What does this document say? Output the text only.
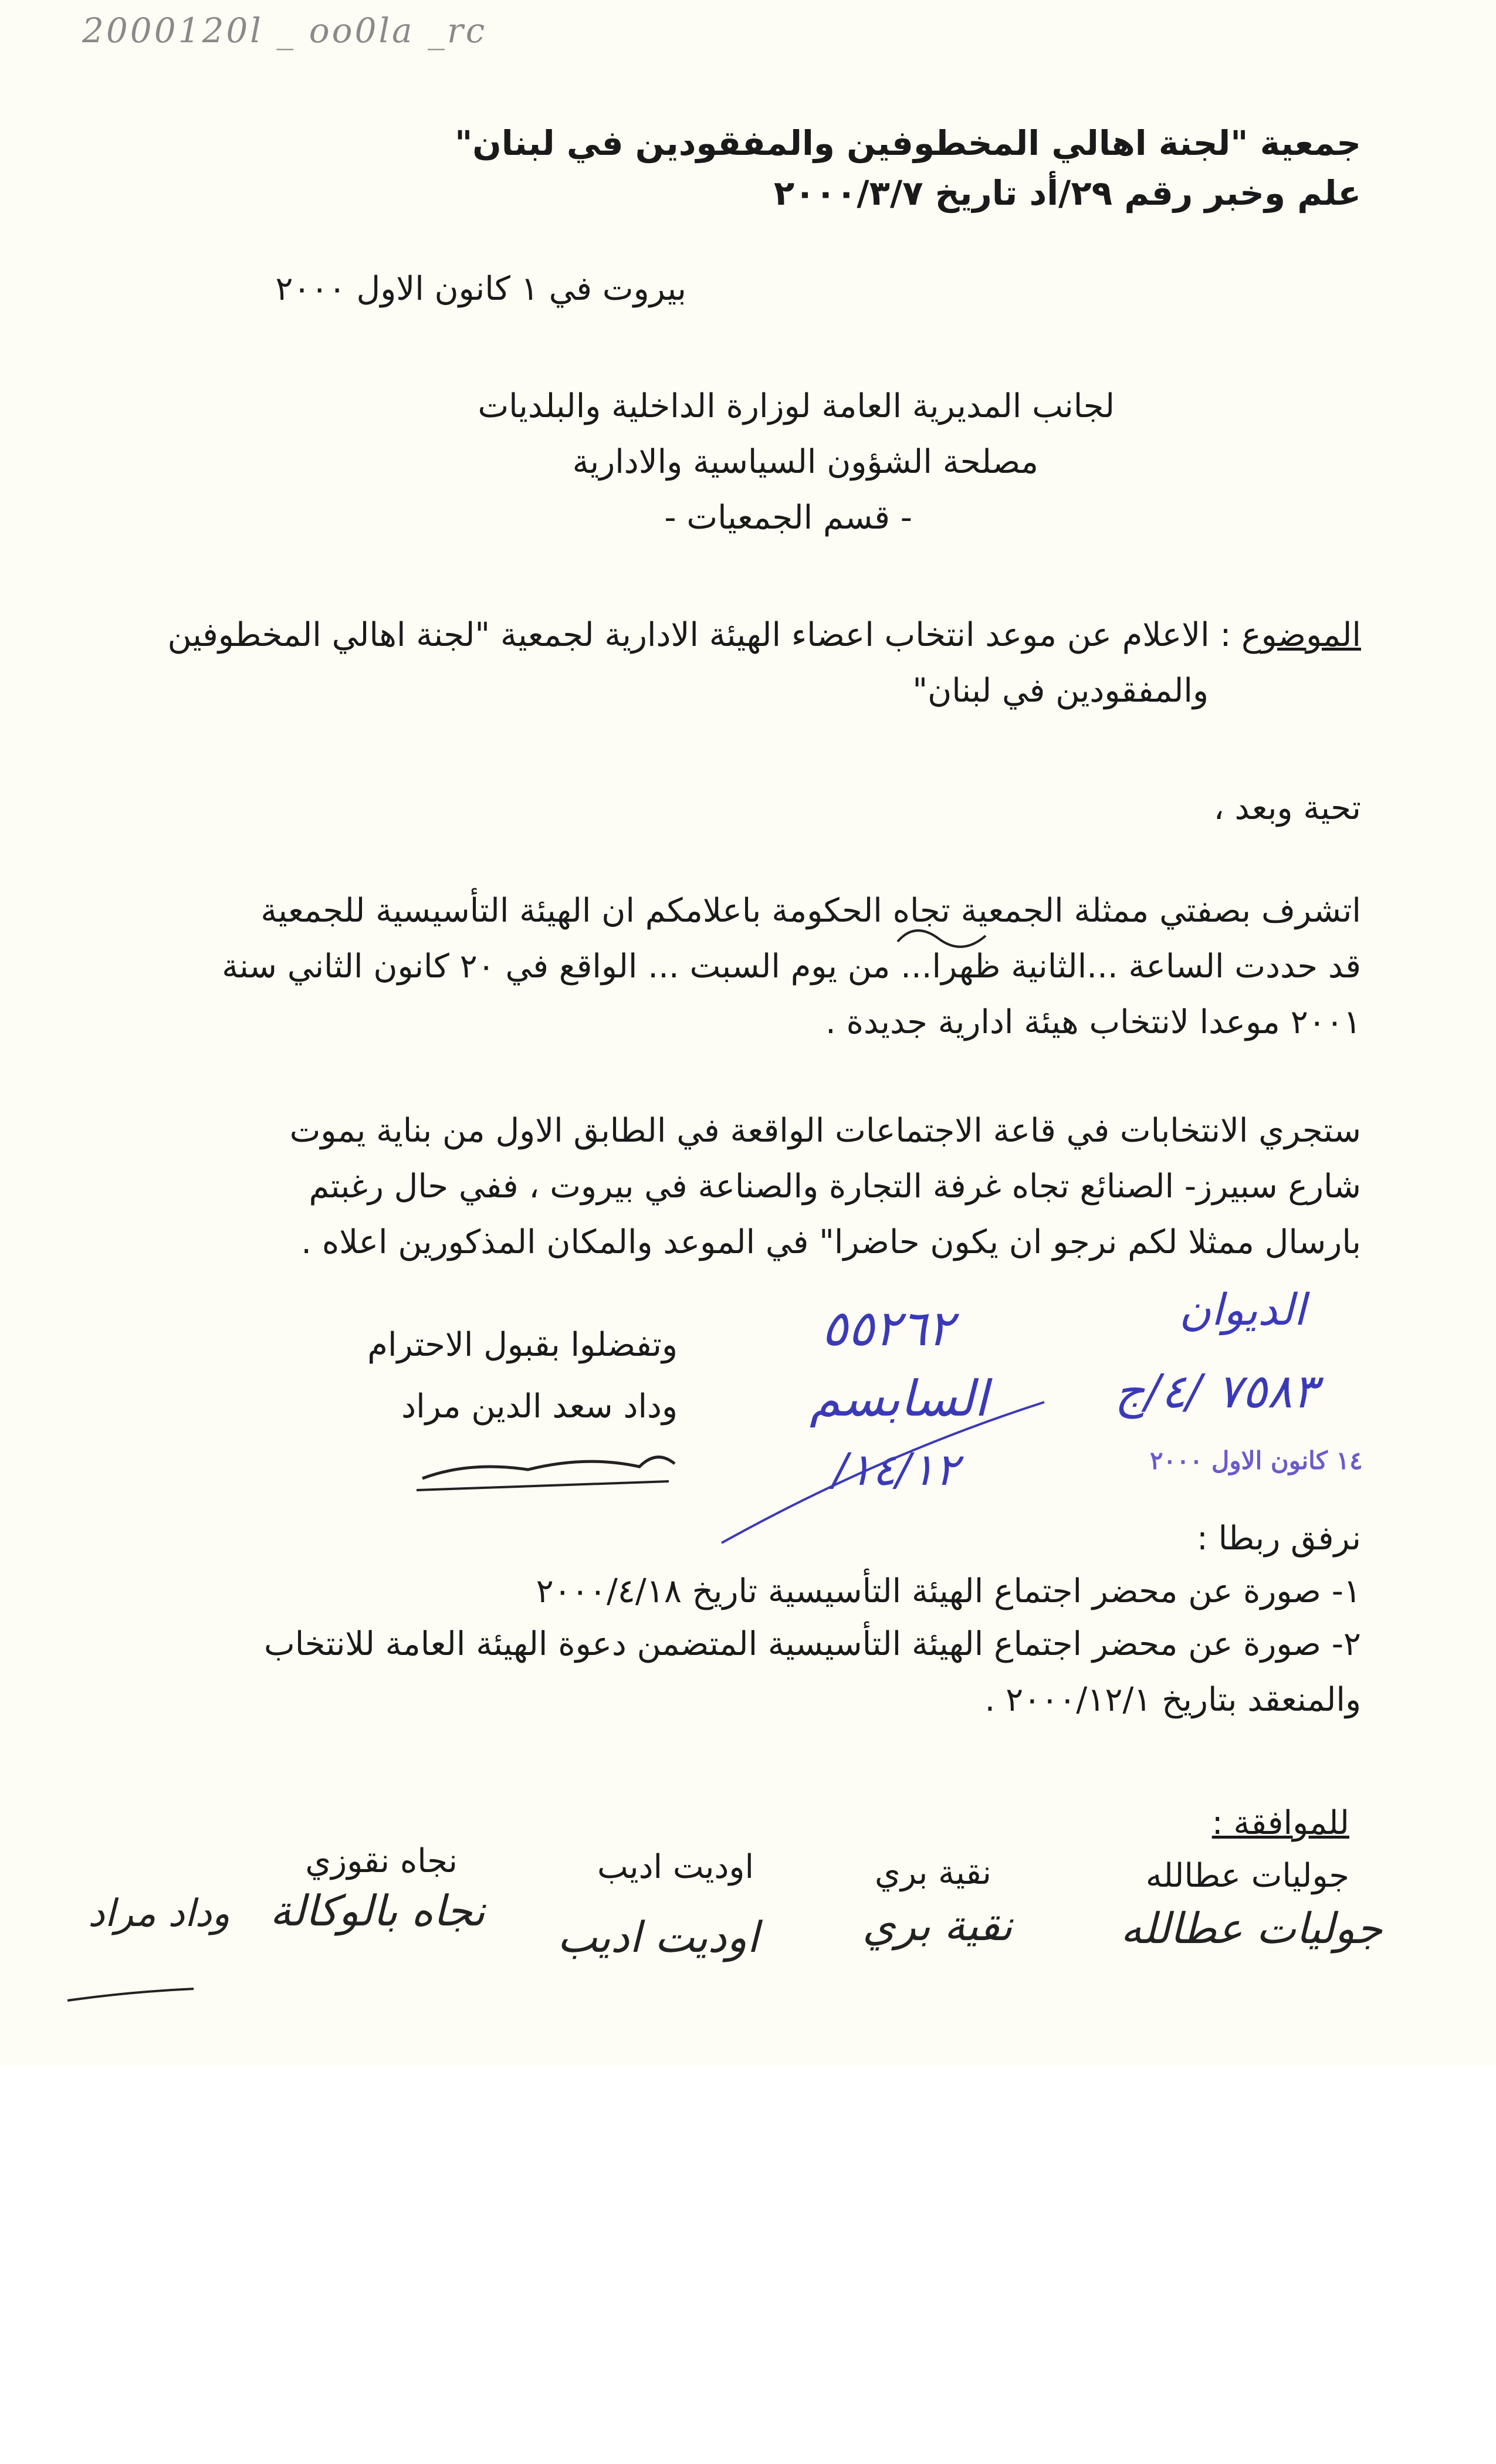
2000120l _ oo0la _rc
جمعية "لجنة اهالي المخطوفين والمفقودين في لبنان"
علم وخبر رقم ٢٩/أد تاريخ ٢٠٠٠/٣/٧
بيروت في ١ كانون الاول ٢٠٠٠
لجانب المديرية العامة لوزارة الداخلية والبلديات
مصلحة الشؤون السياسية والادارية
- قسم الجمعيات -
الموضوع : الاعلام عن موعد انتخاب اعضاء الهيئة الادارية لجمعية "لجنة اهالي المخطوفين
والمفقودين في لبنان"
تحية وبعد ،
اتشرف بصفتي ممثلة الجمعية تجاه الحكومة باعلامكم ان الهيئة التأسيسية للجمعية
قد حددت الساعة ...الثانية ظهرا... من يوم السبت ... الواقع في ٢٠ كانون الثاني سنة
٢٠٠١ موعدا لانتخاب هيئة ادارية جديدة .
ستجري الانتخابات في قاعة الاجتماعات الواقعة في الطابق الاول من بناية يموت
شارع سبيرز- الصنائع تجاه غرفة التجارة والصناعة في بيروت ، ففي حال رغبتم
بارسال ممثلا لكم نرجو ان يكون حاضرا" في الموعد والمكان المذكورين اعلاه .
وتفضلوا بقبول الاحترام
وداد سعد الدين مراد
الديوان
٧٥٨٣ /٤/ج
١٤ كانون الاول ٢٠٠٠
٥٥٢٦٢
السابسم
١٤/١٢/
نرفق ربطا :
١- صورة عن محضر اجتماع الهيئة التأسيسية تاريخ ٢٠٠٠/٤/١٨
٢- صورة عن محضر اجتماع الهيئة التأسيسية المتضمن دعوة الهيئة العامة للانتخاب
والمنعقد بتاريخ ٢٠٠٠/١٢/١ .
للموافقة :
جوليات عطالله
نقية بري
اوديت اديب
نجاه نقوزي
جوليات عطالله
نقية بري
اوديت اديب
نجاه بالوكالة
وداد مراد
